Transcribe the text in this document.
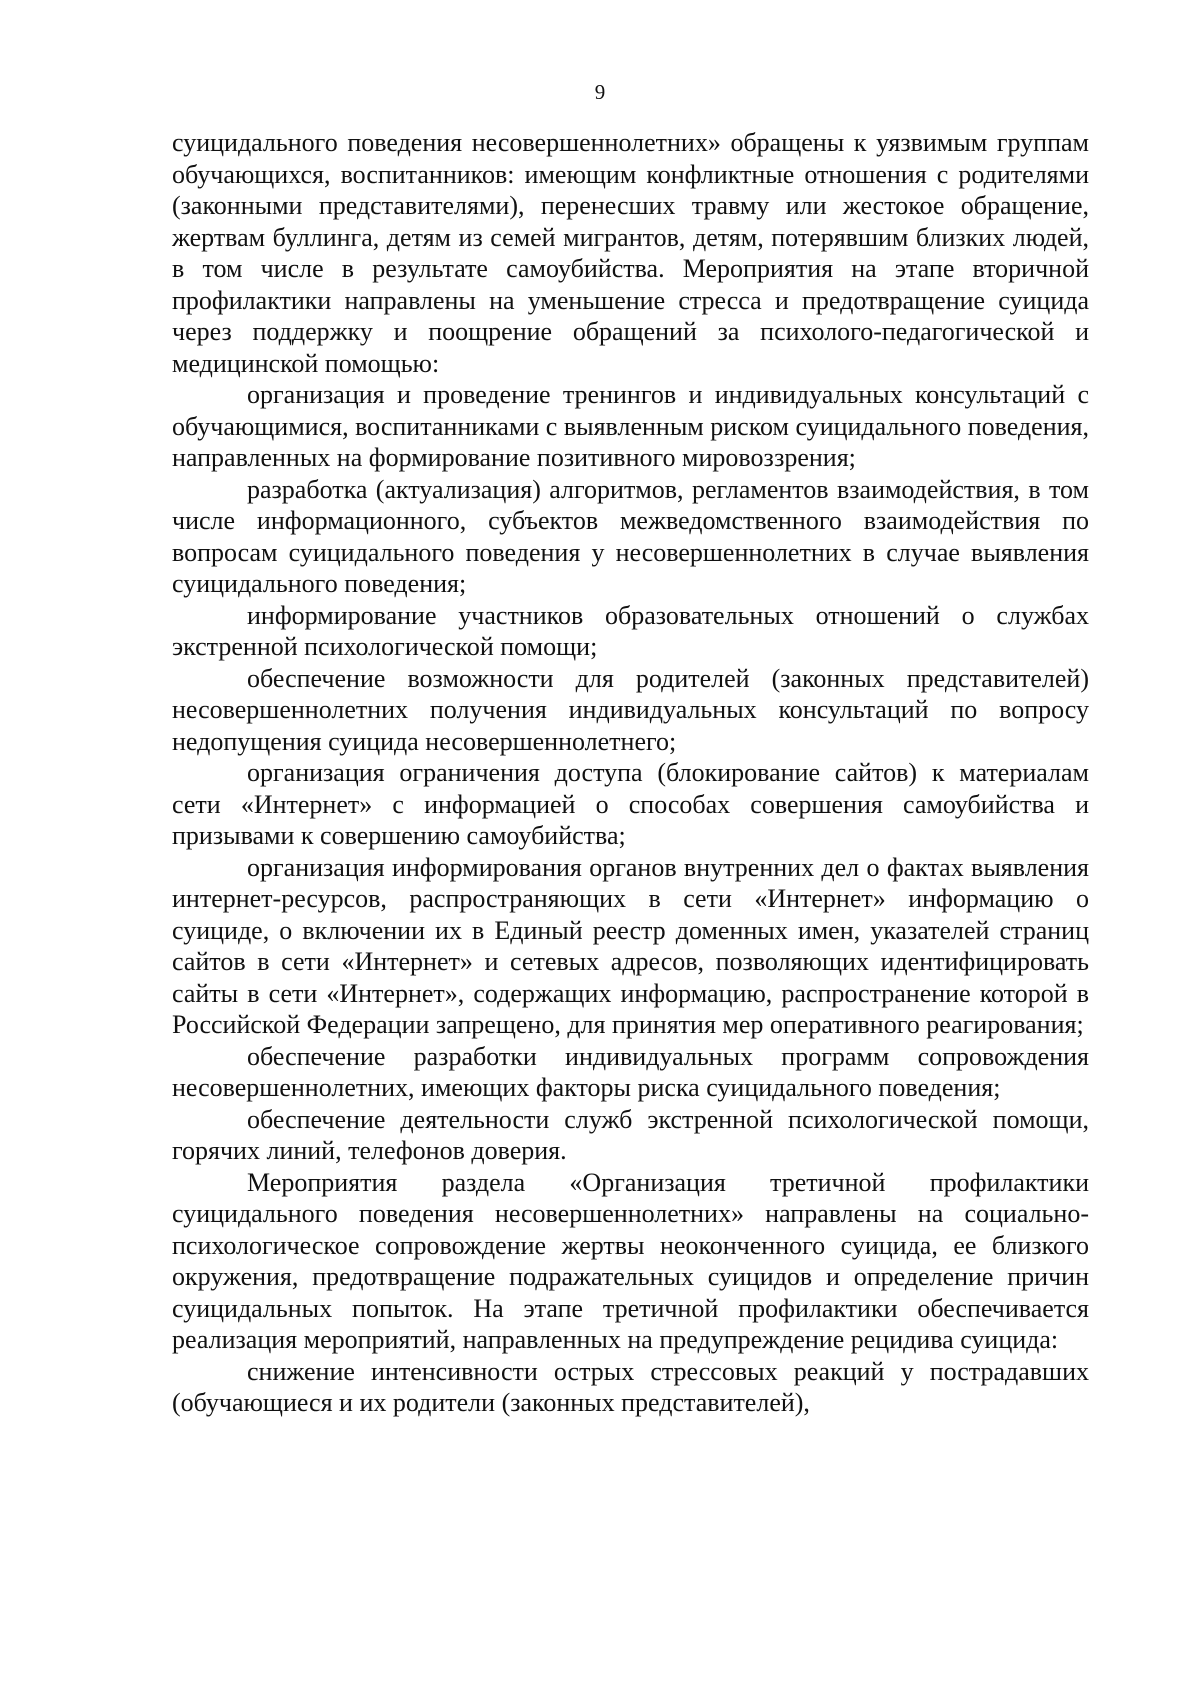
9

суицидального поведения несовершеннолетних» обращены к уязвимым группам обучающихся, воспитанников: имеющим конфликтные отношения с родителями (законными представителями), перенесших травму или жестокое обращение, жертвам буллинга, детям из семей мигрантов, детям, потерявшим близких людей, в том числе в результате самоубийства. Мероприятия на этапе вторичной профилактики направлены на уменьшение стресса и предотвращение суицида через поддержку и поощрение обращений за психолого-педагогической и медицинской помощью:

организация и проведение тренингов и индивидуальных консультаций с обучающимися, воспитанниками с выявленным риском суицидального поведения, направленных на формирование позитивного мировоззрения;

разработка (актуализация) алгоритмов, регламентов взаимодействия, в том числе информационного, субъектов межведомственного взаимодействия по вопросам суицидального поведения у несовершеннолетних в случае выявления суицидального поведения;

информирование участников образовательных отношений о службах экстренной психологической помощи;

обеспечение возможности для родителей (законных представителей) несовершеннолетних получения индивидуальных консультаций по вопросу недопущения суицида несовершеннолетнего;

организация ограничения доступа (блокирование сайтов) к материалам сети «Интернет» с информацией о способах совершения самоубийства и призывами к совершению самоубийства;

организация информирования органов внутренних дел о фактах выявления интернет-ресурсов, распространяющих в сети «Интернет» информацию о суициде, о включении их в Единый реестр доменных имен, указателей страниц сайтов в сети «Интернет» и сетевых адресов, позволяющих идентифицировать сайты в сети «Интернет», содержащих информацию, распространение которой в Российской Федерации запрещено, для принятия мер оперативного реагирования;

обеспечение разработки индивидуальных программ сопровождения несовершеннолетних, имеющих факторы риска суицидального поведения;

обеспечение деятельности служб экстренной психологической помощи, горячих линий, телефонов доверия.

Мероприятия раздела «Организация третичной профилактики суицидального поведения несовершеннолетних» направлены на социально-психологическое сопровождение жертвы неоконченного суицида, ее близкого окружения, предотвращение подражательных суицидов и определение причин суицидальных попыток. На этапе третичной профилактики обеспечивается реализация мероприятий, направленных на предупреждение рецидива суицида:

снижение интенсивности острых стрессовых реакций у пострадавших (обучающиеся и их родители (законных представителей),
